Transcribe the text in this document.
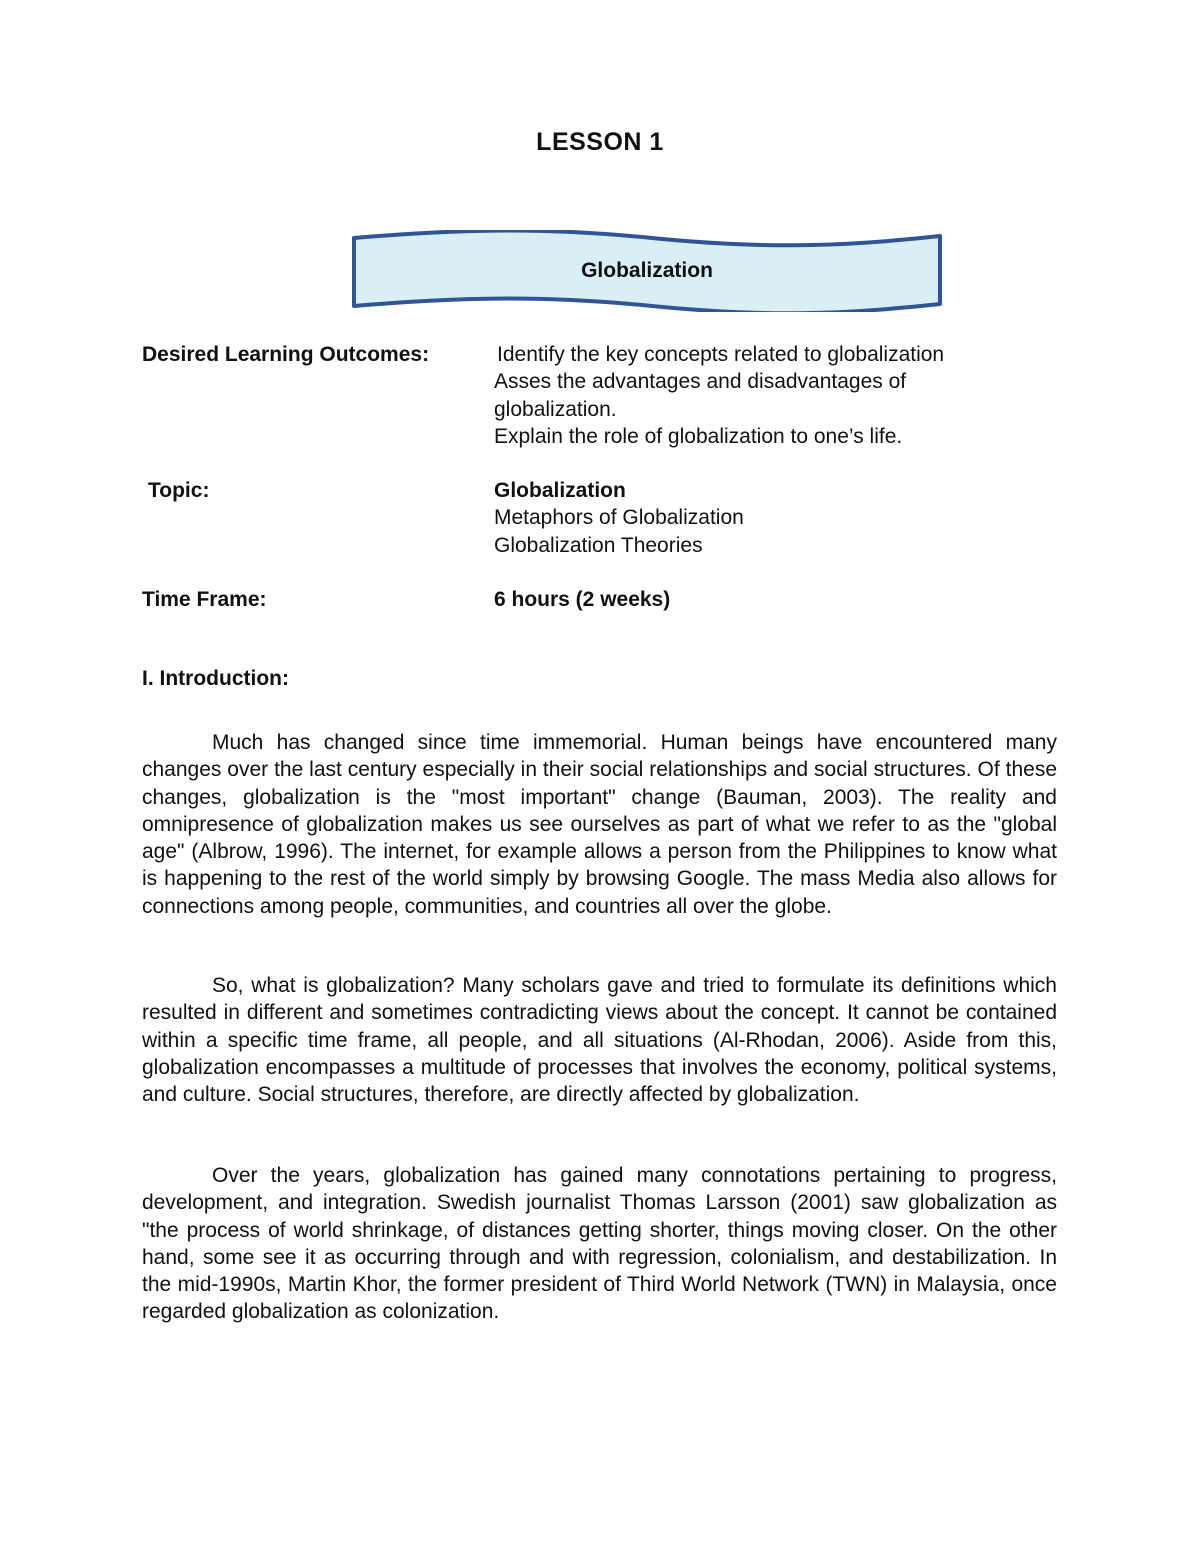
LESSON 1
Globalization
Desired Learning Outcomes:	Identify the key concepts related to globalization
Asses the advantages and disadvantages of
globalization.
Explain the role of globalization to one’s life.
Topic:	Globalization
Metaphors of Globalization
Globalization Theories
Time Frame:	6 hours (2 weeks)
I. Introduction:

Much has changed since time immemorial. Human beings have encountered many changes over the last century especially in their social relationships and social structures. Of these changes, globalization is the "most important" change (Bauman, 2003). The reality and omnipresence of globalization makes us see ourselves as part of what we refer to as the "global age" (Albrow, 1996). The internet, for example allows a person from the Philippines to know what is happening to the rest of the world simply by browsing Google. The mass Media also allows for connections among people, communities, and countries all over the globe.

So, what is globalization? Many scholars gave and tried to formulate its definitions which resulted in different and sometimes contradicting views about the concept. It cannot be contained within a specific time frame, all people, and all situations (Al-Rhodan, 2006). Aside from this, globalization encompasses a multitude of processes that involves the economy, political systems, and culture. Social structures, therefore, are directly affected by globalization.

Over the years, globalization has gained many connotations pertaining to progress, development, and integration. Swedish journalist Thomas Larsson (2001) saw globalization as "the process of world shrinkage, of distances getting shorter, things moving closer. On the other hand, some see it as occurring through and with regression, colonialism, and destabilization. In the mid-1990s, Martin Khor, the former president of Third World Network (TWN) in Malaysia, once regarded globalization as colonization.
